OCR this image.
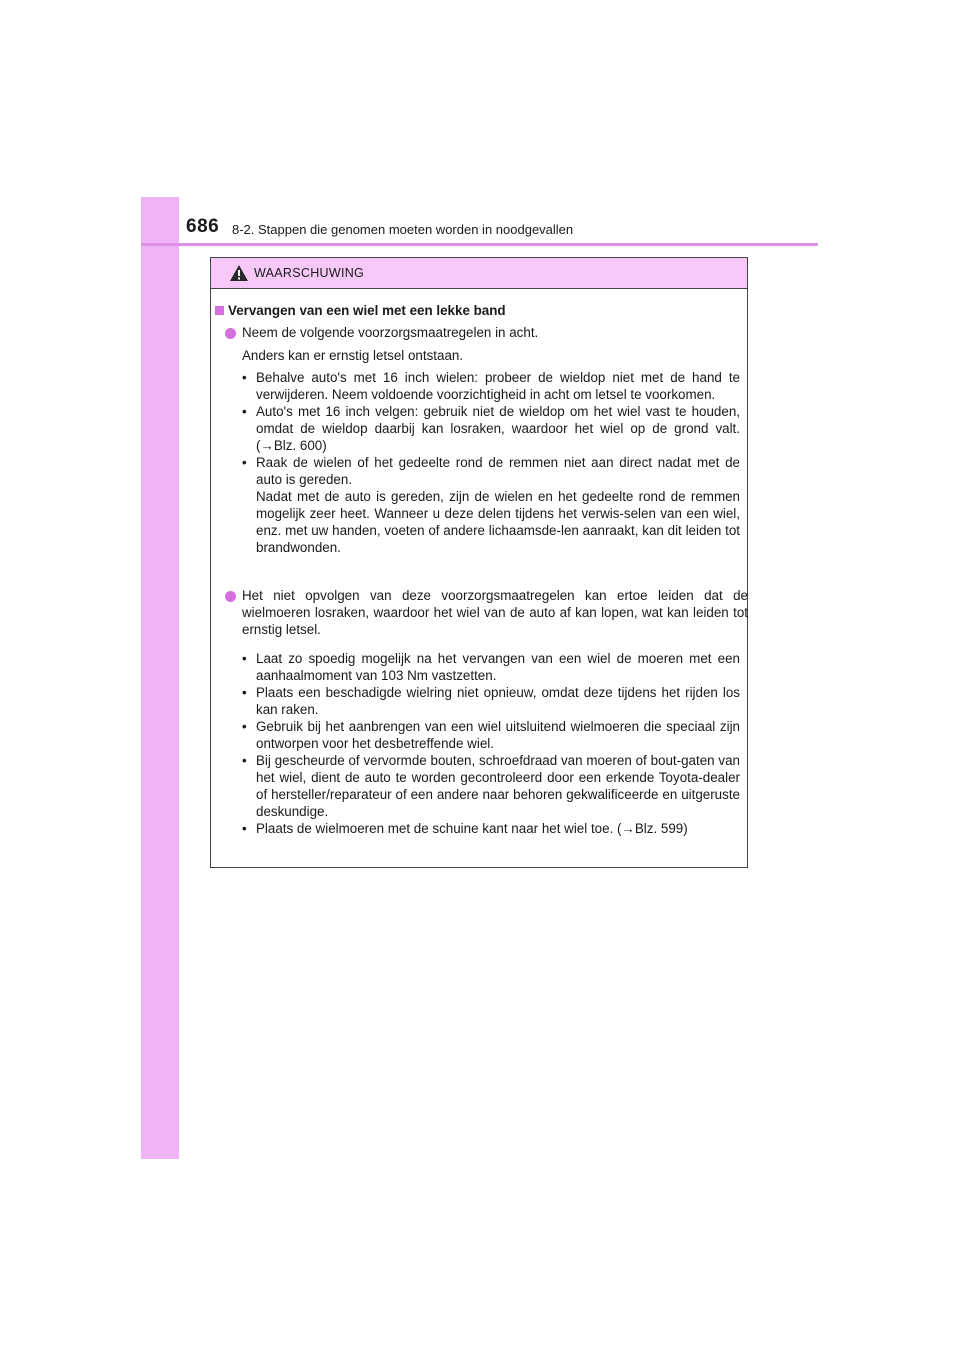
686 8-2. Stappen die genomen moeten worden in noodgevallen
WAARSCHUWING
Vervangen van een wiel met een lekke band
Neem de volgende voorzorgsmaatregelen in acht.
Anders kan er ernstig letsel ontstaan.
• Behalve auto's met 16 inch wielen: probeer de wieldop niet met de hand te verwijderen. Neem voldoende voorzichtigheid in acht om letsel te voorkomen.
• Auto's met 16 inch velgen: gebruik niet de wieldop om het wiel vast te houden, omdat de wieldop daarbij kan losraken, waardoor het wiel op de grond valt. (→Blz. 600)
• Raak de wielen of het gedeelte rond de remmen niet aan direct nadat met de auto is gereden.
Nadat met de auto is gereden, zijn de wielen en het gedeelte rond de remmen mogelijk zeer heet. Wanneer u deze delen tijdens het verwis-selen van een wiel, enz. met uw handen, voeten of andere lichaamsde-len aanraakt, kan dit leiden tot brandwonden.
Het niet opvolgen van deze voorzorgsmaatregelen kan ertoe leiden dat de wielmoeren losraken, waardoor het wiel van de auto af kan lopen, wat kan leiden tot ernstig letsel.
• Laat zo spoedig mogelijk na het vervangen van een wiel de moeren met een aanhaalmoment van 103 Nm vastzetten.
• Plaats een beschadigde wielring niet opnieuw, omdat deze tijdens het rijden los kan raken.
• Gebruik bij het aanbrengen van een wiel uitsluitend wielmoeren die speciaal zijn ontworpen voor het desbetreffende wiel.
• Bij gescheurde of vervormde bouten, schroefdraad van moeren of bout-gaten van het wiel, dient de auto te worden gecontroleerd door een erkende Toyota-dealer of hersteller/reparateur of een andere naar behoren gekwalificeerde en uitgeruste deskundige.
• Plaats de wielmoeren met de schuine kant naar het wiel toe. (→Blz. 599)
